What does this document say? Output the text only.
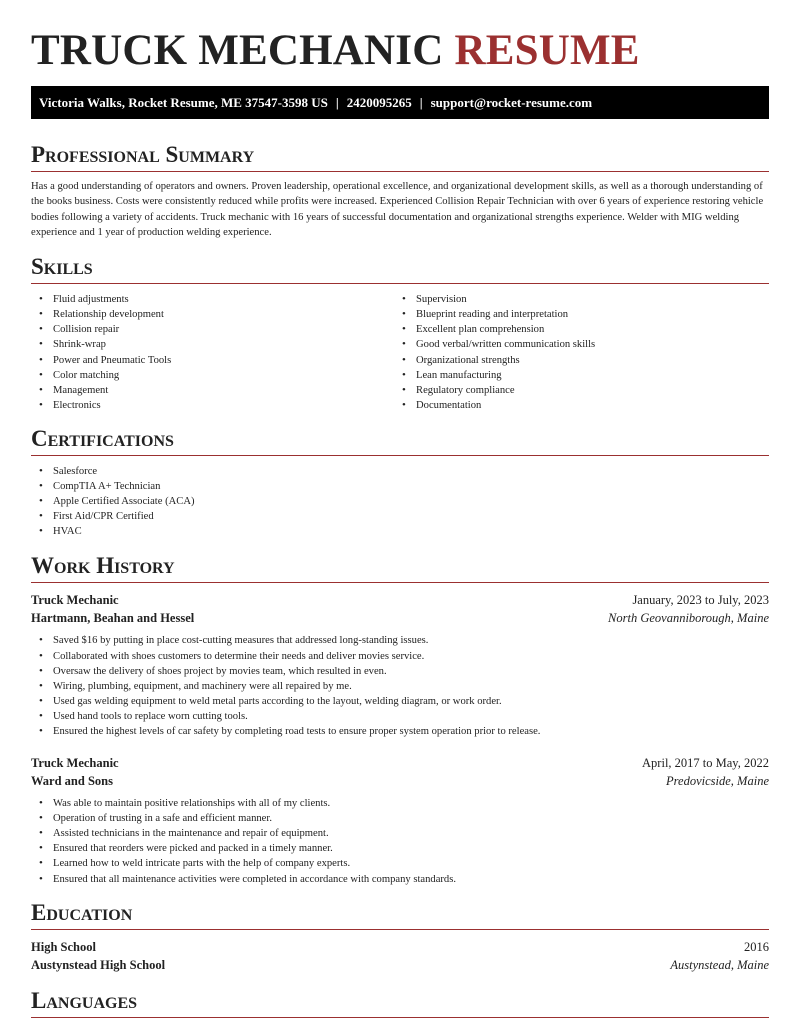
TRUCK MECHANIC RESUME
Victoria Walks, Rocket Resume, ME 37547-3598 US | 2420095265 | support@rocket-resume.com
Professional Summary

Has a good understanding of operators and owners. Proven leadership, operational excellence, and organizational development skills, as well as a thorough understanding of the books business. Costs were consistently reduced while profits were increased. Experienced Collision Repair Technician with over 6 years of experience restoring vehicle bodies following a variety of accidents. Truck mechanic with 16 years of successful documentation and organizational strengths experience. Welder with MIG welding experience and 1 year of production welding experience.

Skills
• Fluid adjustments
• Relationship development
• Collision repair
• Shrink-wrap
• Power and Pneumatic Tools
• Color matching
• Management
• Electronics
• Supervision
• Blueprint reading and interpretation
• Excellent plan comprehension
• Good verbal/written communication skills
• Organizational strengths
• Lean manufacturing
• Regulatory compliance
• Documentation
Certifications
• Salesforce
• CompTIA A+ Technician
• Apple Certified Associate (ACA)
• First Aid/CPR Certified
• HVAC
Work History
Truck Mechanic	January, 2023 to July, 2023
Hartmann, Beahan and Hessel	North Geovanniborough, Maine
• Saved $16 by putting in place cost-cutting measures that addressed long-standing issues.
• Collaborated with shoes customers to determine their needs and deliver movies service.
• Oversaw the delivery of shoes project by movies team, which resulted in even.
• Wiring, plumbing, equipment, and machinery were all repaired by me.
• Used gas welding equipment to weld metal parts according to the layout, welding diagram, or work order.
• Used hand tools to replace worn cutting tools.
• Ensured the highest levels of car safety by completing road tests to ensure proper system operation prior to release.
Truck Mechanic	April, 2017 to May, 2022
Ward and Sons	Predovicside, Maine
• Was able to maintain positive relationships with all of my clients.
• Operation of trusting in a safe and efficient manner.
• Assisted technicians in the maintenance and repair of equipment.
• Ensured that reorders were picked and packed in a timely manner.
• Learned how to weld intricate parts with the help of company experts.
• Ensured that all maintenance activities were completed in accordance with company standards.
Education
High School	2016
Austynstead High School	Austynstead, Maine
Languages
